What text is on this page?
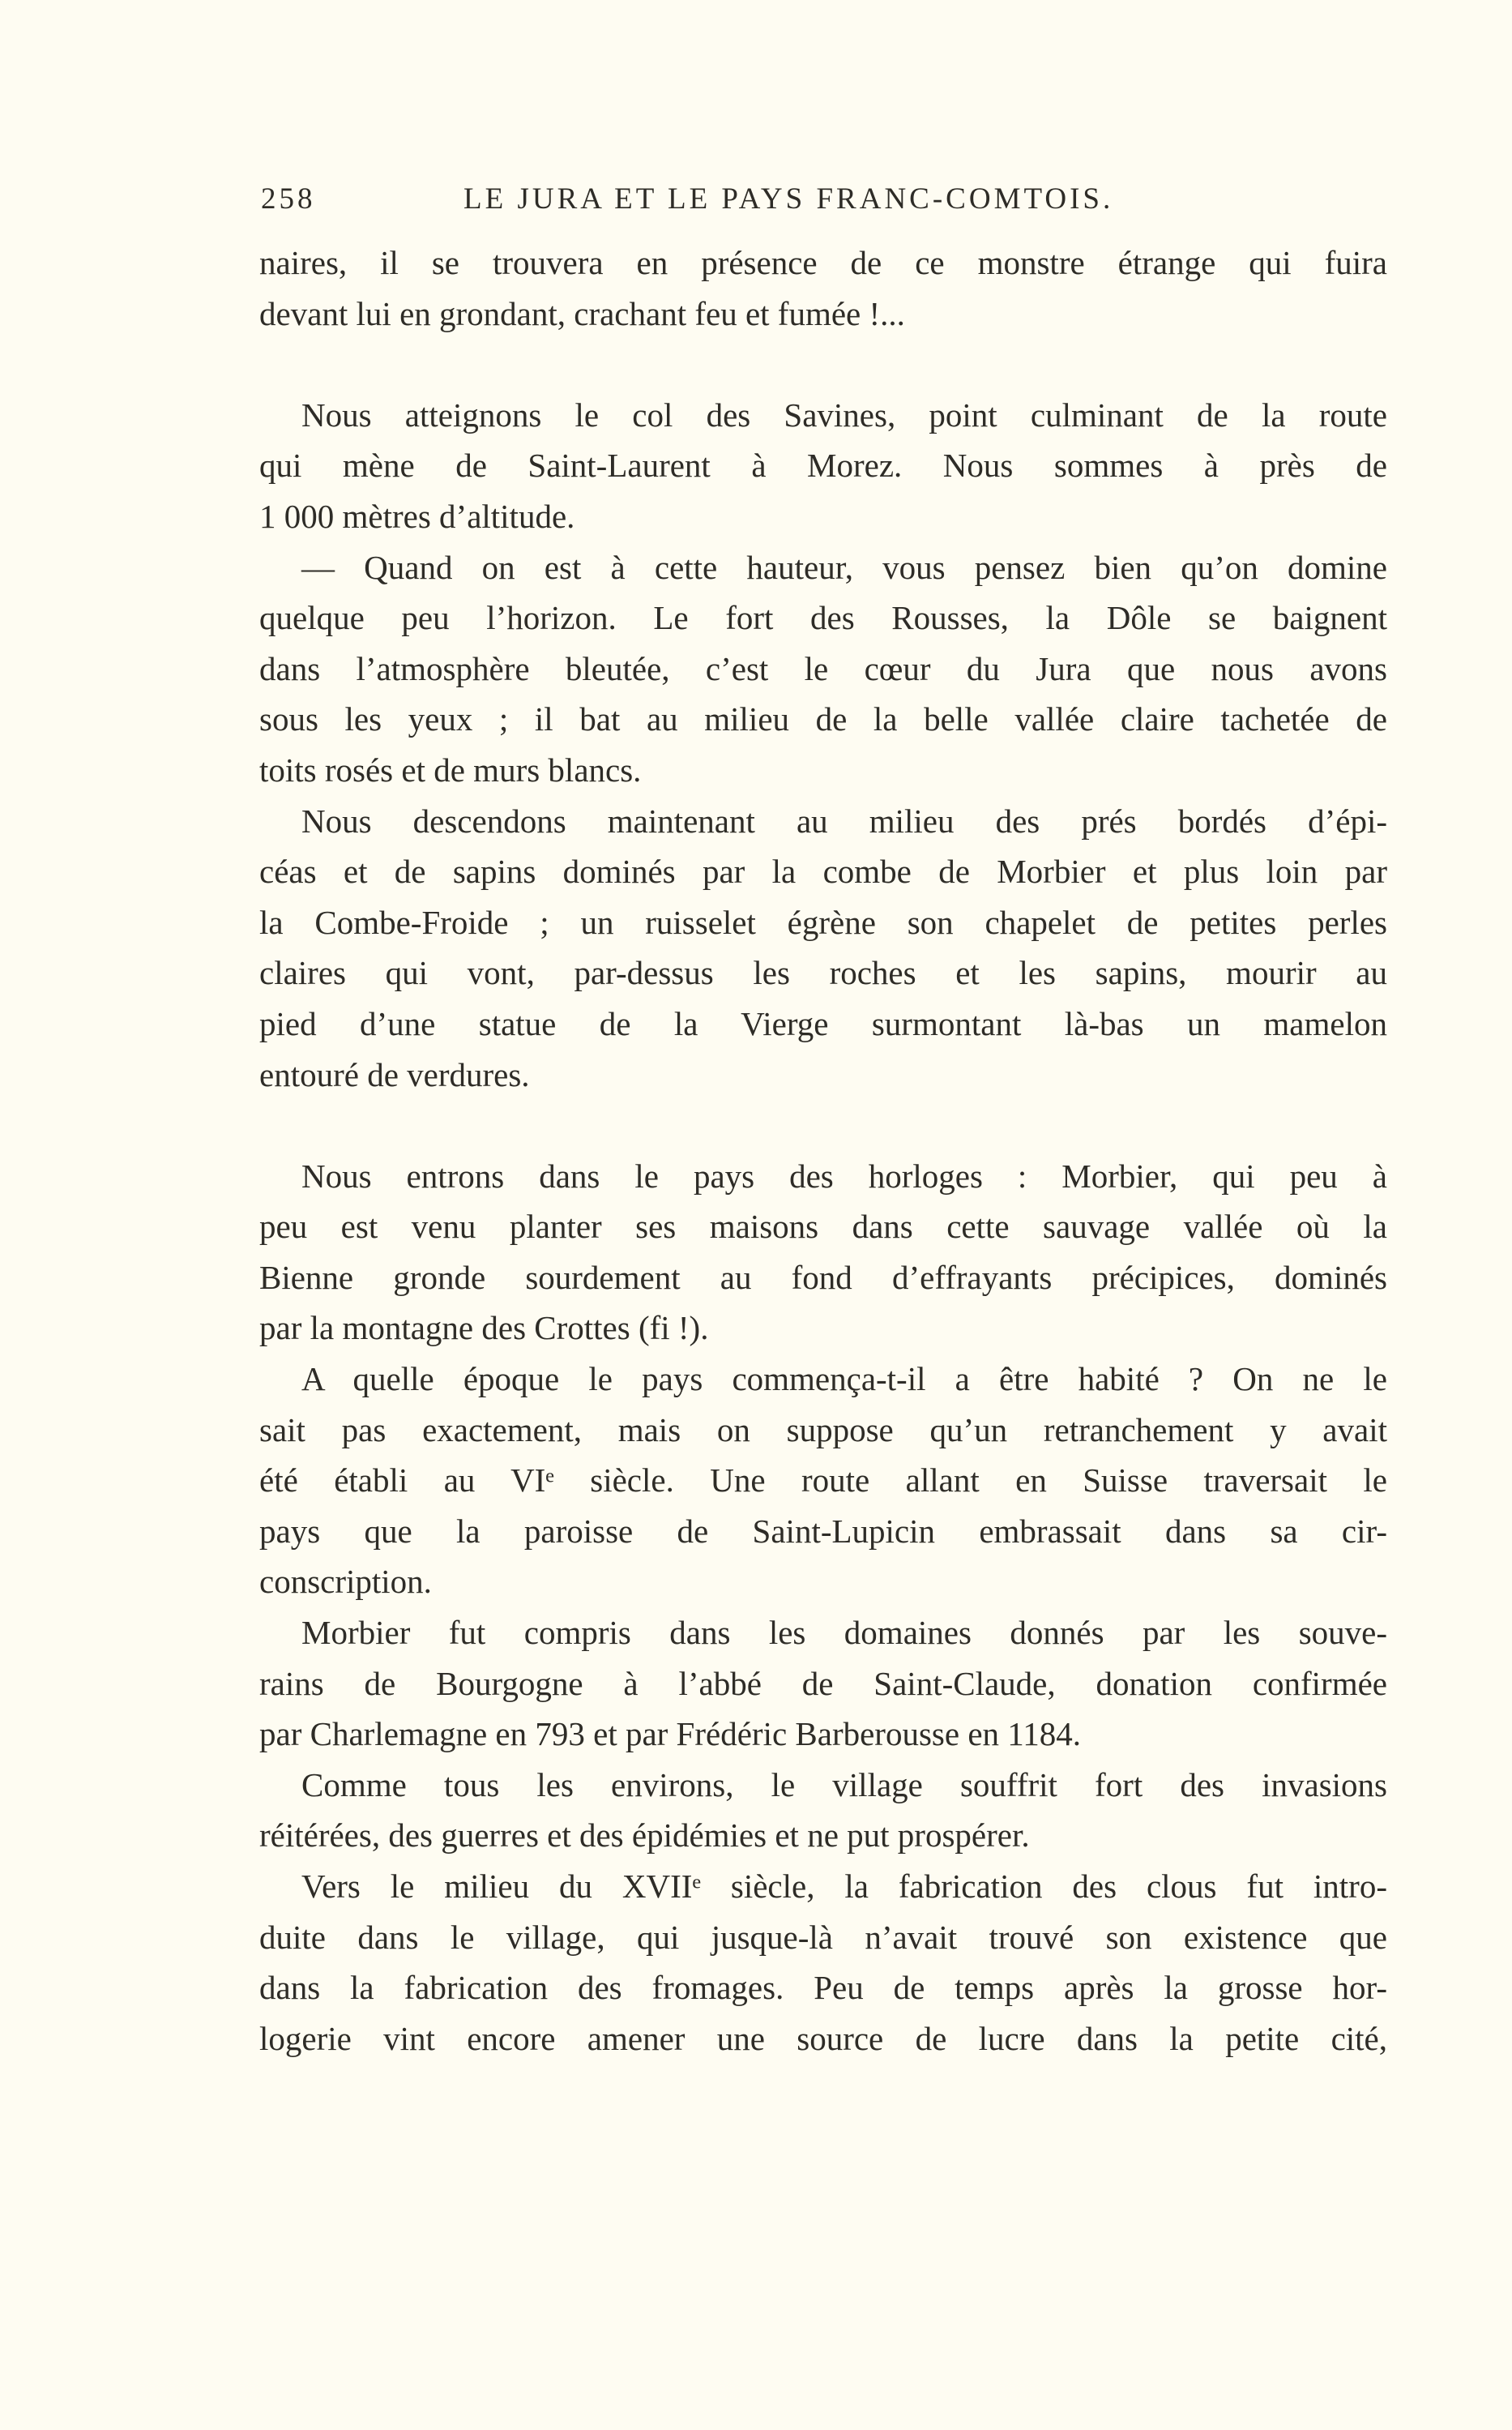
258	LE JURA ET LE PAYS FRANC-COMTOIS.
naires, il se trouvera en présence de ce monstre étrange qui fuira
devant lui en grondant, crachant feu et fumée !...
Nous atteignons le col des Savines, point culminant de la route
qui mène de Saint-Laurent à Morez. Nous sommes à près de
1 000 mètres d’altitude.
— Quand on est à cette hauteur, vous pensez bien qu’on domine
quelque peu l’horizon. Le fort des Rousses, la Dôle se baignent
dans l’atmosphère bleutée, c’est le cœur du Jura que nous avons
sous les yeux ; il bat au milieu de la belle vallée claire tachetée de
toits rosés et de murs blancs.
Nous descendons maintenant au milieu des prés bordés d’épi-
céas et de sapins dominés par la combe de Morbier et plus loin par
la Combe-Froide ; un ruisselet égrène son chapelet de petites perles
claires qui vont, par-dessus les roches et les sapins, mourir au
pied d’une statue de la Vierge surmontant là-bas un mamelon
entouré de verdures.
Nous entrons dans le pays des horloges : Morbier, qui peu à
peu est venu planter ses maisons dans cette sauvage vallée où la
Bienne gronde sourdement au fond d’effrayants précipices, dominés
par la montagne des Crottes (fi !).
A quelle époque le pays commença-t-il a être habité ? On ne le
sait pas exactement, mais on suppose qu’un retranchement y avait
été établi au VIᵉ siècle. Une route allant en Suisse traversait le
pays que la paroisse de Saint-Lupicin embrassait dans sa cir-
conscription.
Morbier fut compris dans les domaines donnés par les souve-
rains de Bourgogne à l’abbé de Saint-Claude, donation confirmée
par Charlemagne en 793 et par Frédéric Barberousse en 1184.
Comme tous les environs, le village souffrit fort des invasions
réitérées, des guerres et des épidémies et ne put prospérer.
Vers le milieu du XVIIᵉ siècle, la fabrication des clous fut intro-
duite dans le village, qui jusque-là n’avait trouvé son existence que
dans la fabrication des fromages. Peu de temps après la grosse hor-
logerie vint encore amener une source de lucre dans la petite cité,
